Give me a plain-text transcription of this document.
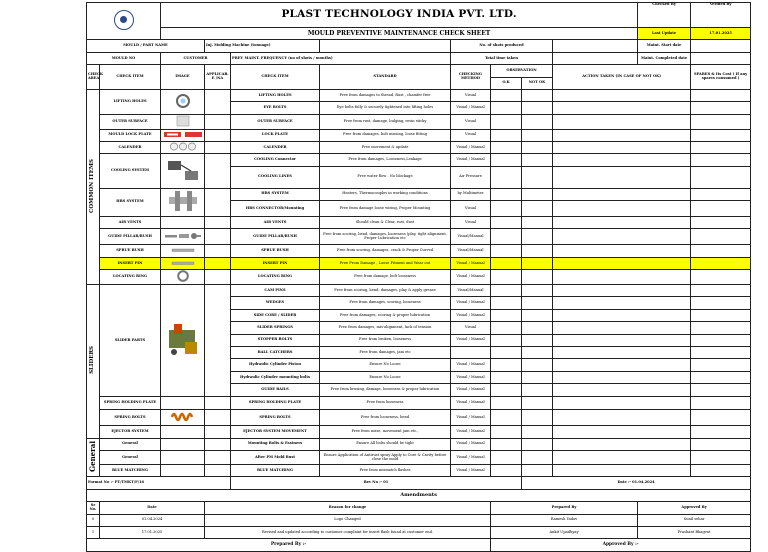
		PLAST TECHNOLOGY INDIA PVT. LTD.								Checked By	Verified By
		MOULD PREVENTIVE MAINTENANCE CHECK SHEET								Last Update	17.01.2025
MOULD / PART NAME			Inj. Molding Machine (tonnage)			No. of shots produced				Maint. Start date	
MOULD NO		CUSTOMER		PREV MAINT. FREQUENCY (no of shots / months)		Total time taken				Maint. Completed date	
CHECK AREA	CHECK ITEM	IMAGE	APPLICAB. E /NA	CHECK ITEM	STANDARD	CHECKING METHOD	OBSERVATION		ACTION TAKEN (IN CASE OF NOT OK)		SPARES & Its Cost ( If any spares consumed )
							O.K	NOT OK			
COMMON ITEMS	LIFTING HOLES			LIFTING HOLES	Free from damages to thread, Rust , chamfer free	Visual					
				EYE BOLTS	Eye bolts fully & securely tightened into lifting holes	Visual / Manual					
	OUTER SURFACE			OUTER SURFACE	Free from rust, damage, bulging, resin sticky	Visual					
	MOULD LOCK PLATE			LOCK PLATE	Free from damages, bolt missing, loose fitting	Visual					
	CALENDER			CALENDER	Free movement & update	Visual / Manual					
	COOLING SYSTEM			COOLING Connector	Free from damages, Looseness,Leakage	Visual / Manual					
				COOLING LINES	Free water flow . No blockage	Air Pressure					
	HRS SYSTEM			HRS SYSTEM	Heaters, Thermocouples in working conditions	by Multimeter					
				HRS CONNECTOR/Mounting	Free from damage loose wiring, Proper Mounting	Visual					
	AIR VENTS			AIR VENTS	Should clean & Clear, rust, dust	Visual					
	GUIDE PILLAR/BUSH			GUIDE PILLAR/BUSH	Free from scoring, bend, damages, looseness (play, tight alignment, Proper Lubrication etc	Visual/Manual					
	SPRUE BUSH			SPRUE BUSH	Free from scoring, damages, crack & Proper Curved	Visual/Manual					
	INSERT PIN			INSERT PIN	Free From Damage , Loose Fitment and Wear out	Visual / Manual					
	LOCATING RING			LOCATING RING	Free from damage, bolt looseness	Visual / Manual					
SLIDERS	SLIDER PARTS			CAM PINS	Free from scoring, bend, damages, play & apply grease	Visual/Manual					
				WEDGES	Free from damages, scoring, looseness	Visual / Manual					
				SIDE CORE / SLIDER	Free from damages, scoring & proper lubrication	Visual / Manual					
				SLIDER SPRINGS	Free from damages, mis-alignment, lack of tension	Visual					
				STOPPER BOLTS	Free from broken, looseness	Visual / Manual					
				BALL CATCHERS	Free from damages, jam etc						
				Hydraulic Cylinder Piston	Ensure No Loose	Visual / Manual					
				Hydraulic Cylinder mounting bolts	Ensure No Loose	Visual / Manual					
				GUIDE RAILS	Free from brusing, damage, looseness & proper lubrication	Visual / Manual					
	SPRING HOLDING PLATE			SPRING HOLDING PLATE	Free from looseness	Visual / Manual					
	SPRING BOLTS			SPRING BOLTS	Free from looseness, bend	Visual / Manual					
	EJECTOR SYSTEM			EJECTOR SYSTEM MOVEMENT	Free from noise, movement jam etc.,	Visual / Manual					
General	General			Mounting Bolts & Fastners	Ensure All bolts should be tight	Visual / Manual					
	General			After PM Mold Rust	Ensure Application of Antirust spray Apply to Core & Cavity before close the mold	Visual / Manual					
	BLUE MATCHING			BLUE MATCHING	Free from mismatch flashes	Visual / Manual					
Format No :- PT/TMKT/F/16				Rev No :- 01				Date :- 01.04.2024			
Amendments											
Sr No.	Date		Reason for change				Prepared By			Approved By	
0	01.04.2024		Logo Changed				Ramesh Yadav			Sunil sehar	
1	17.01.2025		Revised and updated according to customer complaint for insert flash found at customer end.				Ankit Upadhyay			Prashant Bhagvat	
Prepared By :-							Approved By :-				
